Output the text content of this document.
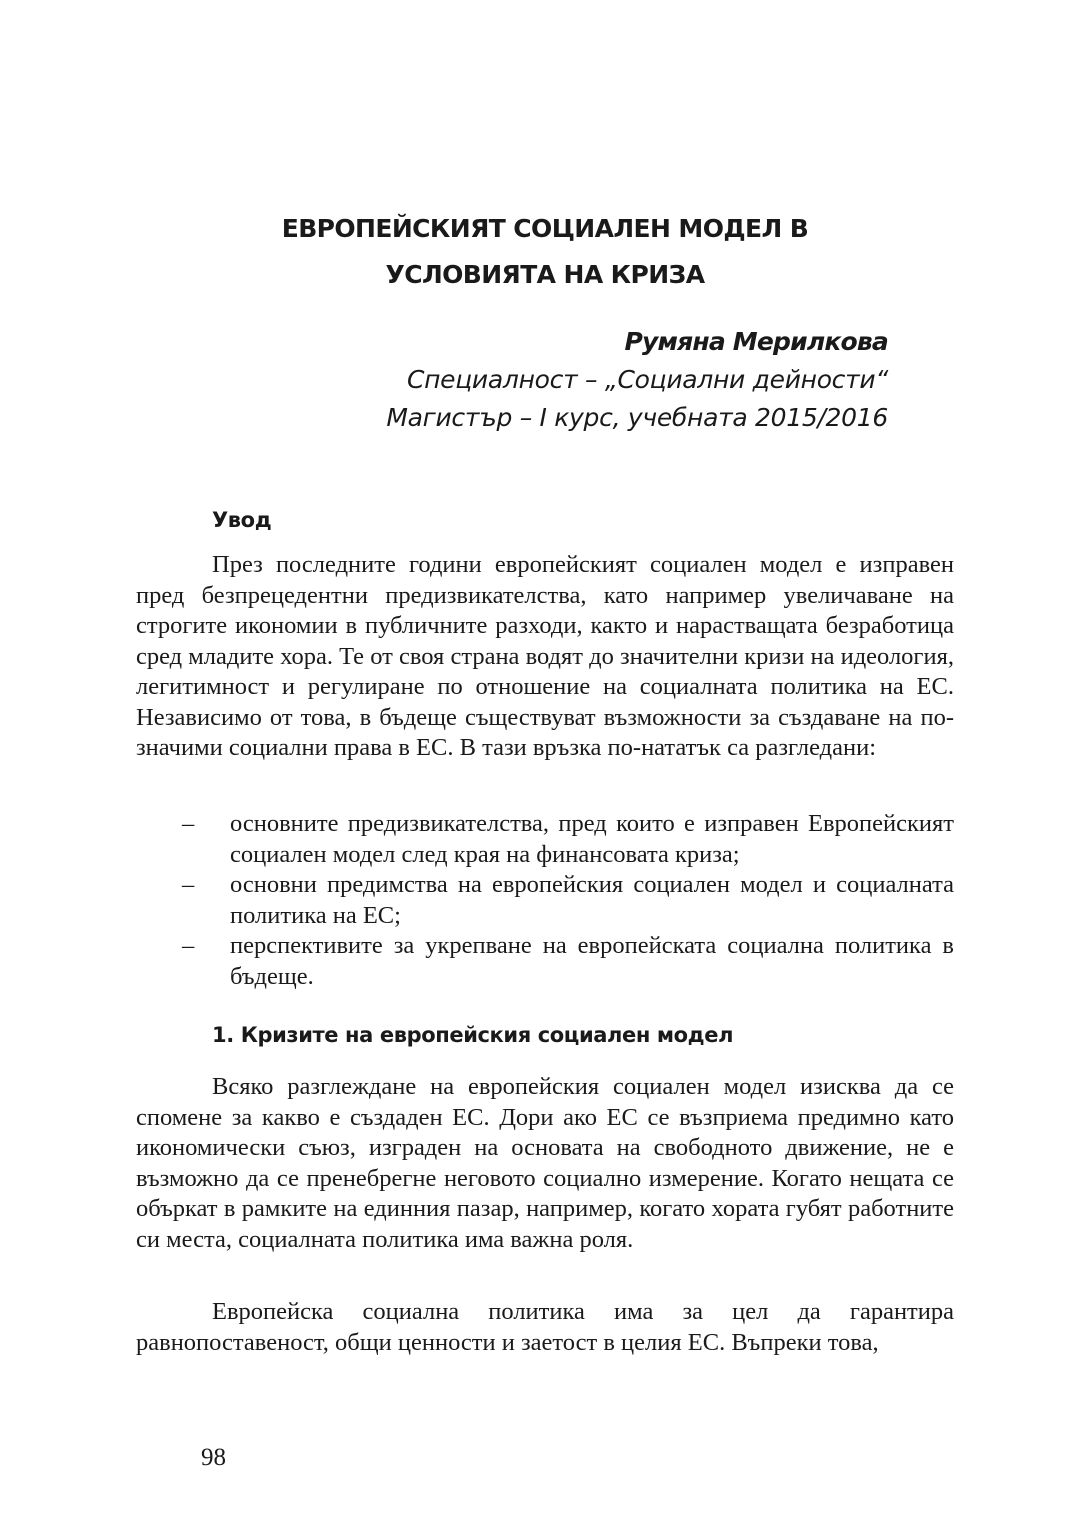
ЕВРОПЕЙСКИЯТ СОЦИАЛЕН МОДЕЛ В
УСЛОВИЯТА НА КРИЗА
Румяна Мерилкова
Специалност – „Социални дейности“
Магистър – I курс, учебната 2015/2016
Увод

През последните години европейският социален модел е изправен пред безпрецедентни предизвикателства, като например увеличаване на строгите икономии в публичните разходи, както и нарастващата безработица сред младите хора. Те от своя страна водят до значителни кризи на идеология, легитимност и регулиране по отношение на социалната политика на ЕС. Независимо от това, в бъдеще съществуват възможности за създаване на по-значими социални права в ЕС. В тази връзка по-нататък са разгледани:

– основните предизвикателства, пред които е изправен Европейският социален модел след края на финансовата криза;
– основни предимства на европейския социален модел и социалната политика на ЕС;
– перспективите за укрепване на европейската социална политика в бъдеще.
1. Кризите на европейския социален модел

Всяко разглеждане на европейския социален модел изисква да се спомене за какво е създаден ЕС. Дори ако ЕС се възприема предимно като икономически съюз, изграден на основата на свободното движение, не е възможно да се пренебрегне неговото социално измерение. Когато нещата се объркат в рамките на единния пазар, например, когато хората губят работните си места, социалната политика има важна роля.

Европейска социална политика има за цел да гарантира равнопоставеност, общи ценности и заетост в целия ЕС. Въпреки това,

98
